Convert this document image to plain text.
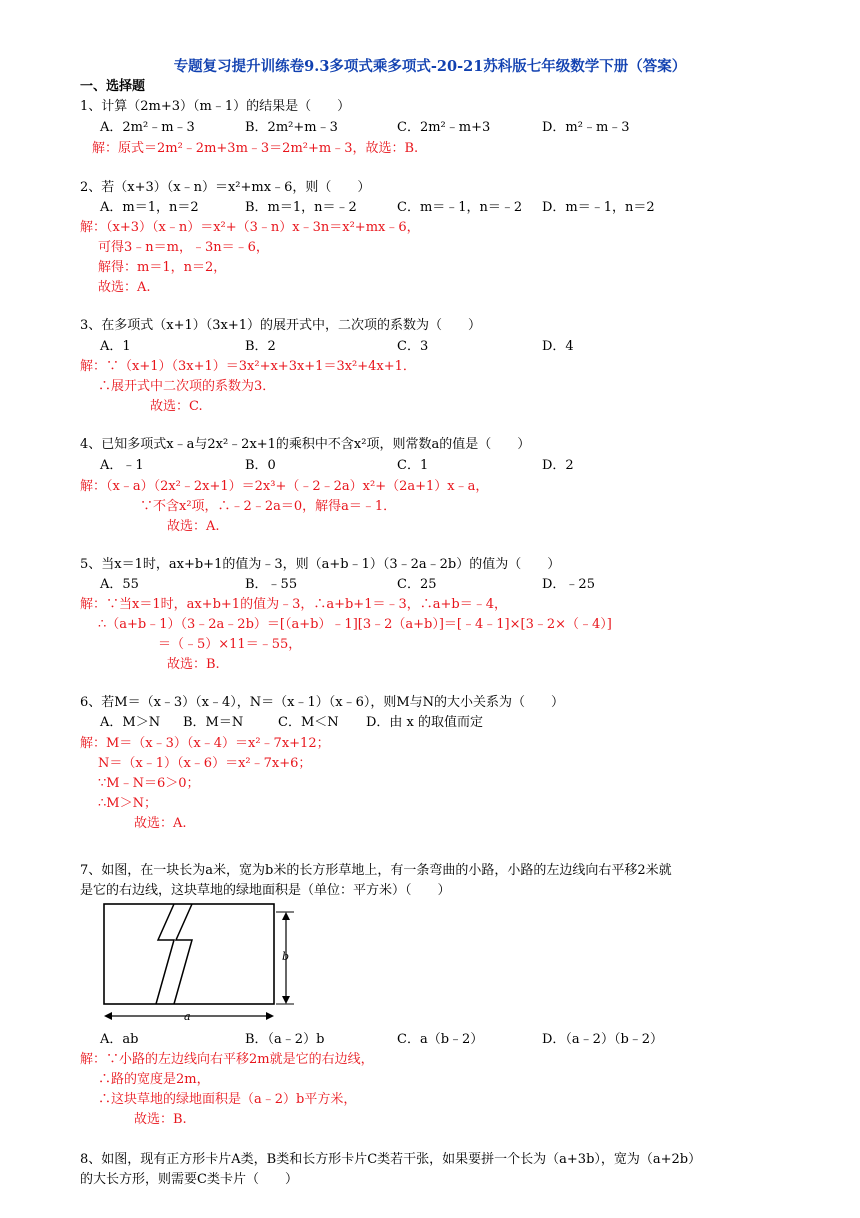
专题复习提升训练卷9.3多项式乘多项式-20-21苏科版七年级数学下册（答案）
一、选择题
1、计算（2m+3）（m﹣1）的结果是（　　）
A．2m²﹣m﹣3	B．2m²+m﹣3	C．2m²﹣m+3	D．m²﹣m﹣3
解：原式＝2m²﹣2m+3m﹣3＝2m²+m﹣3，故选：B.
2、若（x+3）（x﹣n）＝x²+mx﹣6，则（　　）
A．m＝1，n＝2	B．m＝1，n＝﹣2	C．m＝﹣1，n＝﹣2 D．m＝﹣1，n＝2
解：（x+3）（x﹣n）＝x²+（3﹣n）x﹣3n＝x²+mx﹣6，
可得3﹣n＝m，﹣3n＝﹣6，
解得：m＝1，n＝2，
故选：A.
3、在多项式（x+1）（3x+1）的展开式中，二次项的系数为（　　）
A．1	B．2	C．3	D．4
解：∵（x+1）（3x+1）＝3x²+x+3x+1＝3x²+4x+1．
∴展开式中二次项的系数为3．
故选：C.
4、已知多项式x﹣a与2x²﹣2x+1的乘积中不含x²项，则常数a的值是（　　）
A．﹣1	B．0	C．1	D．2
解：（x﹣a）（2x²﹣2x+1）＝2x³+（﹣2﹣2a）x²+（2a+1）x﹣a，
∵不含x²项，∴﹣2﹣2a＝0，解得a＝﹣1．
故选：A.
5、当x＝1时，ax+b+1的值为﹣3，则（a+b﹣1）（3﹣2a﹣2b）的值为（　　）
A．55	B．﹣55	C．25	D．﹣25
解：∵当x＝1时，ax+b+1的值为﹣3，∴a+b+1＝﹣3，∴a+b＝﹣4，
∴（a+b﹣1）（3﹣2a﹣2b）＝[（a+b）﹣1][3﹣2（a+b）]＝[﹣4﹣1]×[3﹣2×（﹣4）]
＝（﹣5）×11＝﹣55，
故选：B.
6、若M＝（x﹣3）（x﹣4），N＝（x﹣1）（x﹣6），则M与N的大小关系为（　　）
A．M＞N B．M＝N	C．M＜N D．由 x 的取值而定
解：M＝（x﹣3）（x﹣4）＝x²﹣7x+12；
N＝（x﹣1）（x﹣6）＝x²﹣7x+6；
∵M﹣N＝6＞0；
∴M＞N；
故选：A.
7、如图，在一块长为a米，宽为b米的长方形草地上，有一条弯曲的小路，小路的左边线向右平移2米就
是它的右边线，这块草地的绿地面积是（单位：平方米）（　　）
b
a
A．ab	B．（a﹣2）b	C．a（b﹣2）	D．（a﹣2）（b﹣2）
解：∵小路的左边线向右平移2m就是它的右边线，
∴路的宽度是2m，
∴这块草地的绿地面积是（a﹣2）b平方米，
故选：B.
8、如图，现有正方形卡片A类，B类和长方形卡片C类若干张，如果要拼一个长为（a+3b），宽为（a+2b）
的大长方形，则需要C类卡片（　　）
